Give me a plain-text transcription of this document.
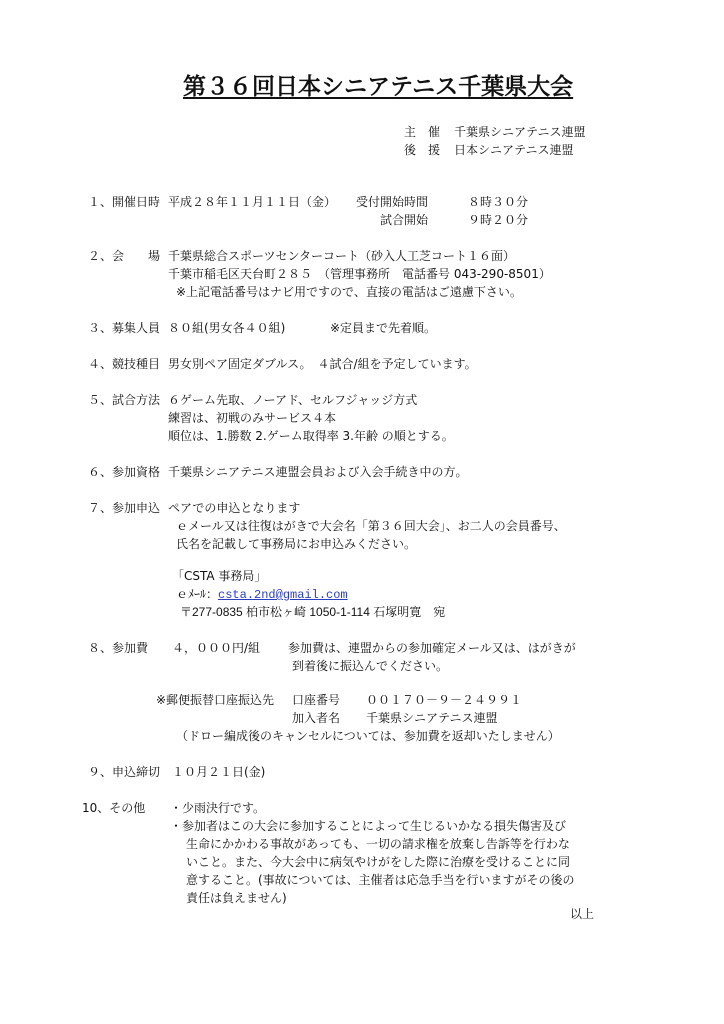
第３６回日本シニアテニス千葉県大会
主　催 千葉県シニアテニス連盟
後　援 日本シニアテニス連盟
１、開催日時 平成２８年１１月１１日（金） 受付開始時間	８時３０分
試合開始	９時２０分
２、会　　場 千葉県総合スポーツセンターコート（砂入人工芝コート１６面）
千葉市稲毛区天台町２８５　（管理事務所　電話番号 043-290-8501）
※上記電話番号はナビ用ですので、直接の電話はご遠慮下さい。
３、募集人員 ８０組(男女各４０組)	※定員まで先着順。
４、競技種目 男女別ペア固定ダブルス。　４試合/組を予定しています。
５、試合方法 ６ゲーム先取、ノーアド、セルフジャッジ方式
練習は、初戦のみサービス４本
順位は、1.勝数 2.ゲーム取得率 3.年齢 の順とする。
６、参加資格 千葉県シニアテニス連盟会員および入会手続き中の方。
７、参加申込 ペアでの申込となります
ｅメール又は往復はがきで大会名「第３６回大会」、お二人の会員番号、
氏名を記載して事務局にお申込みください。
「CSTA 事務局」
ｅﾒｰﾙ：csta.2nd@gmail.com
〒277-0835 柏市松ヶ崎 1050-1-114 石塚明寛　宛
８、参加費 ４，０００円/組 参加費は、連盟からの参加確定メール又は、はがきが
到着後に振込んでください。
※郵便振替口座振込先 口座番号 ００１７０－９－２４９９１
加入者名 千葉県シニアテニス連盟
（ドロー編成後のキャンセルについては、参加費を返却いたしません）
９、申込締切 １０月２１日(金)
10、その他 ・少雨決行です。
・参加者はこの大会に参加することによって生じるいかなる損失傷害及び
生命にかかわる事故があっても、一切の請求権を放棄し告訴等を行わな
いこと。また、今大会中に病気やけがをした際に治療を受けることに同
意すること。(事故については、主催者は応急手当を行いますがその後の
責任は負えません)
以上
